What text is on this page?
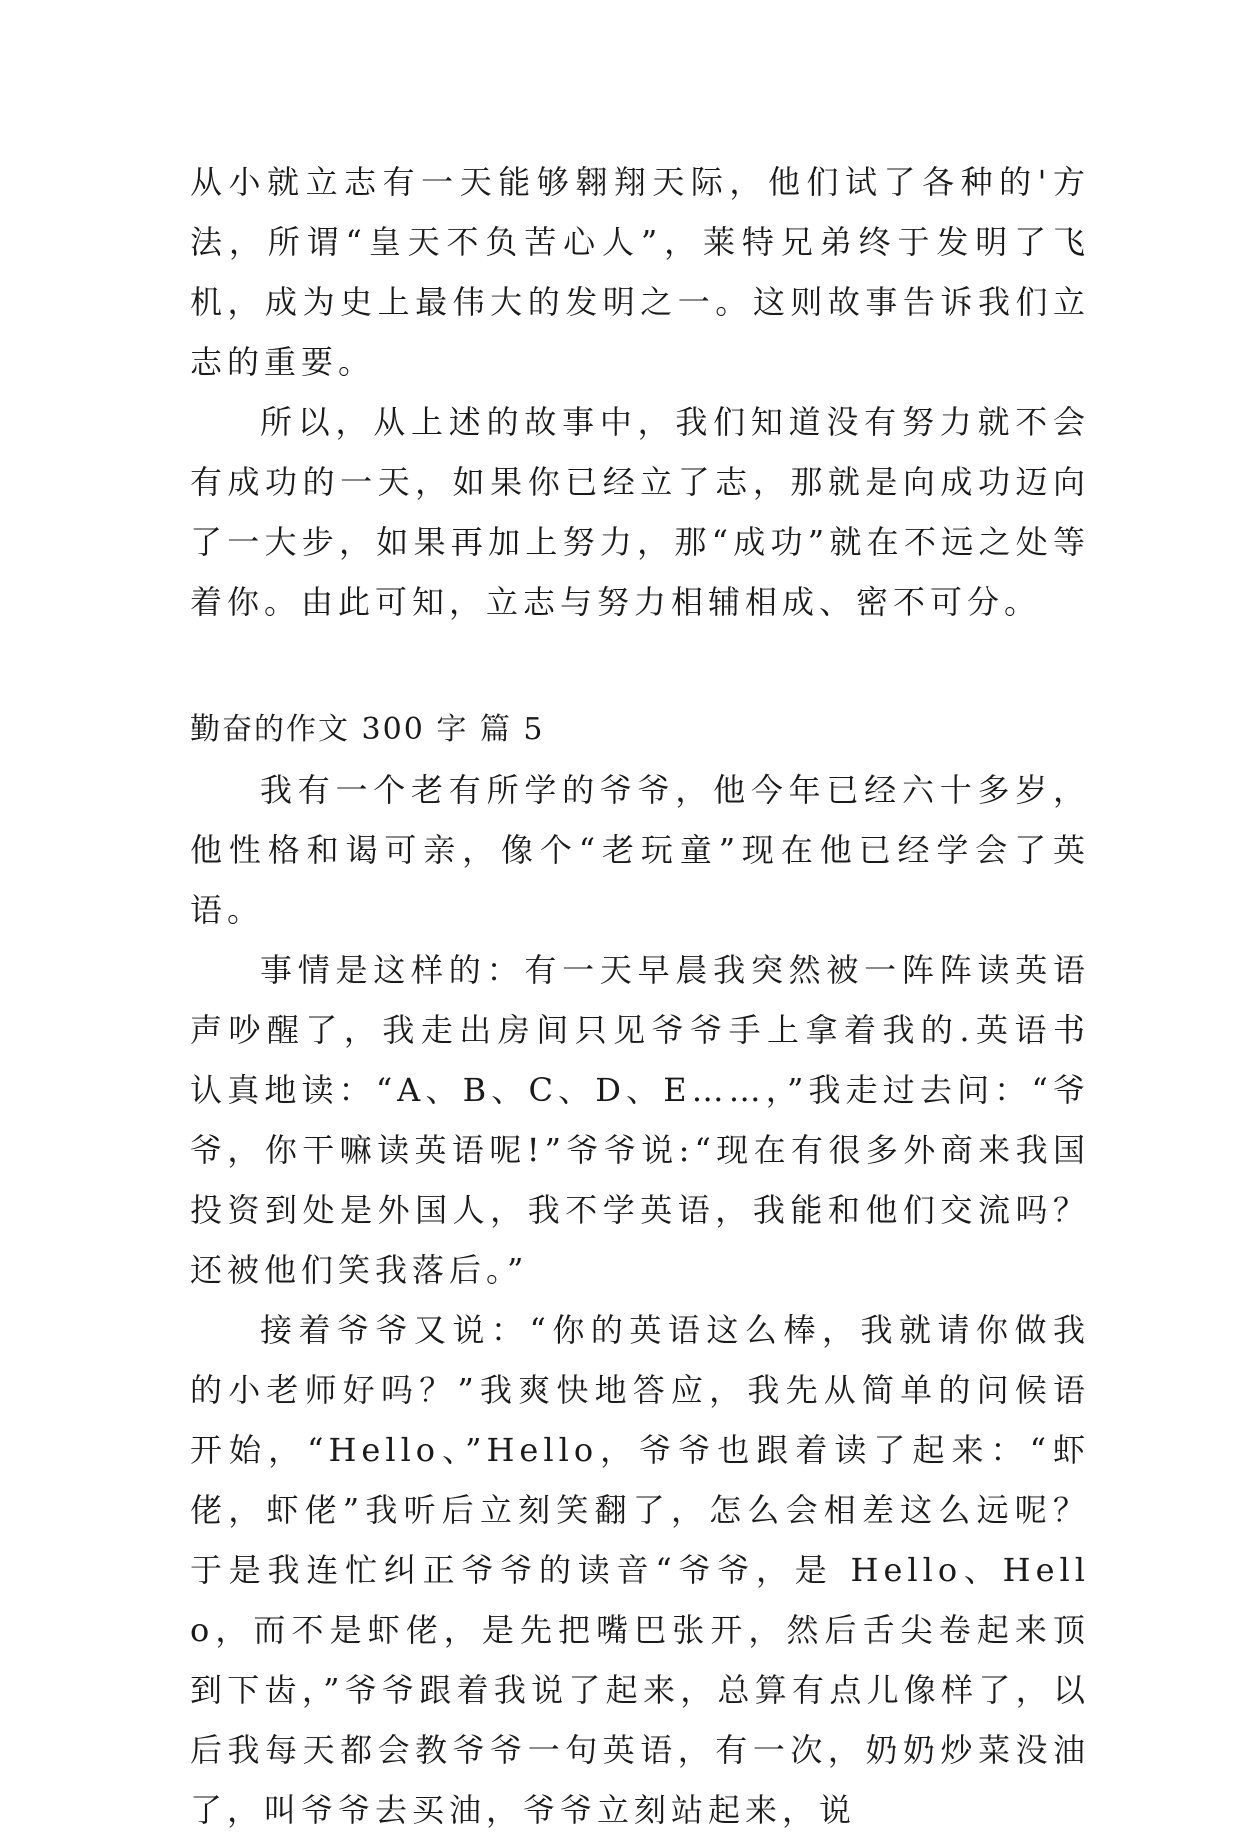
从小就立志有一天能够翱翔天际，他们试了各种的'方法，所谓“皇天不负苦心人”，莱特兄弟终于发明了飞机，成为史上最伟大的发明之一。这则故事告诉我们立志的重要。

所以，从上述的故事中，我们知道没有努力就不会有成功的一天，如果你已经立了志，那就是向成功迈向了一大步，如果再加上努力，那“成功”就在不远之处等着你。由此可知，立志与努力相辅相成、密不可分。

勤奋的作文 300 字 篇 5

我有一个老有所学的爷爷，他今年已经六十多岁，他性格和谒可亲，像个“老玩童”现在他已经学会了英语。

事情是这样的：有一天早晨我突然被一阵阵读英语声吵醒了，我走出房间只见爷爷手上拿着我的.英语书认真地读：“A、B、C、D、E……，”我走过去问：“爷爷，你干嘛读英语呢!”爷爷说:“现在有很多外商来我国投资到处是外国人，我不学英语，我能和他们交流吗？还被他们笑我落后。”

接着爷爷又说：“你的英语这么棒，我就请你做我的小老师好吗？”我爽快地答应，我先从简单的问候语开始，“Hello、”Hello，爷爷也跟着读了起来：“虾佬，虾佬”我听后立刻笑翻了，怎么会相差这么远呢？于是我连忙纠正爷爷的读音“爷爷，是 Hello、Hello，而不是虾佬，是先把嘴巴张开，然后舌尖卷起来顶到下齿，”爷爷跟着我说了起来，总算有点儿像样了，以后我每天都会教爷爷一句英语，有一次，奶奶炒菜没油了，叫爷爷去买油，爷爷立刻站起来，说
